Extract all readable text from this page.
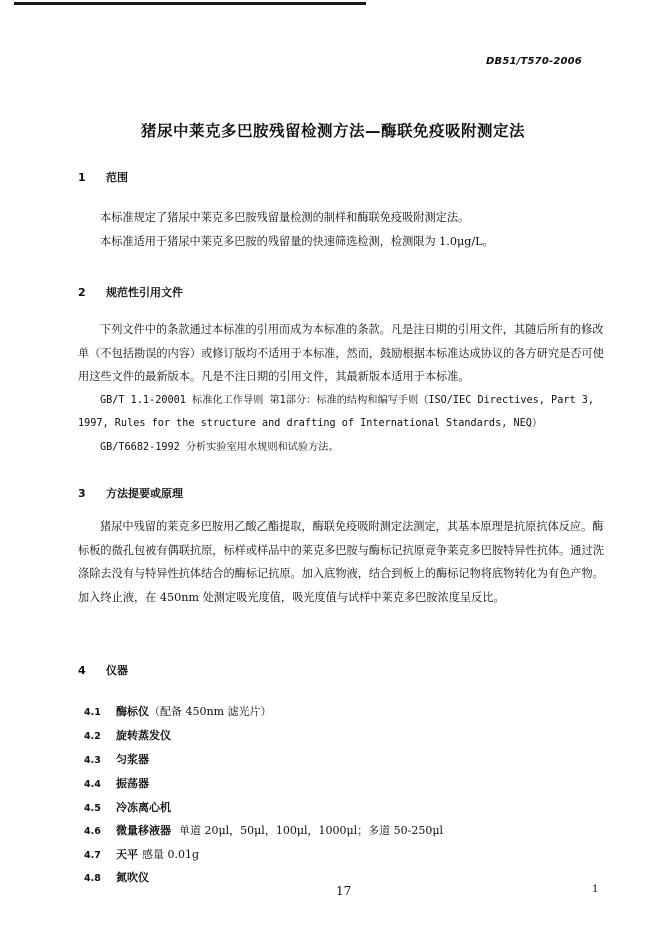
DB51/T570-2006
猪尿中莱克多巴胺残留检测方法—酶联免疫吸附测定法
1 范围

本标准规定了猪尿中莱克多巴胺残留量检测的制样和酶联免疫吸附测定法。

本标准适用于猪尿中莱克多巴胺的残留量的快速筛选检测，检测限为 1.0μg/L。

2 规范性引用文件

下列文件中的条款通过本标准的引用而成为本标准的条款。凡是注日期的引用文件，其随后所有的修改单（不包括勘误的内容）或修订版均不适用于本标准，然而，鼓励根据本标准达成协议的各方研究是否可使用这些文件的最新版本。凡是不注日期的引用文件，其最新版本适用于本标准。

GB/T 1.1-20001 标准化工作导则 第1部分：标准的结构和编写手则（ISO/IEC Directives, Part 3, 1997, Rules for the structure and drafting of International Standards, NEQ）

GB/T6682-1992 分析实验室用水规则和试验方法。

3 方法提要或原理

猪尿中残留的莱克多巴胺用乙酸乙酯提取，酶联免疫吸附测定法测定，其基本原理是抗原抗体反应。酶标板的微孔包被有偶联抗原，标样或样品中的莱克多巴胺与酶标记抗原竞争莱克多巴胺特异性抗体。通过洗涤除去没有与特异性抗体结合的酶标记抗原。加入底物液，结合到板上的酶标记物将底物转化为有色产物。加入终止液，在 450nm 处测定吸光度值，吸光度值与试样中莱克多巴胺浓度呈反比。

4 仪器
4.1 酶标仪（配备 450nm 滤光片）
4.2 旋转蒸发仪
4.3 匀浆器
4.4 振荡器
4.5 冷冻离心机
4.6 微量移液器 单道 20μl，50μl，100μl，1000μl；多道 50-250μl
4.7 天平 感量 0.01g
4.8 氮吹仪
17	1
